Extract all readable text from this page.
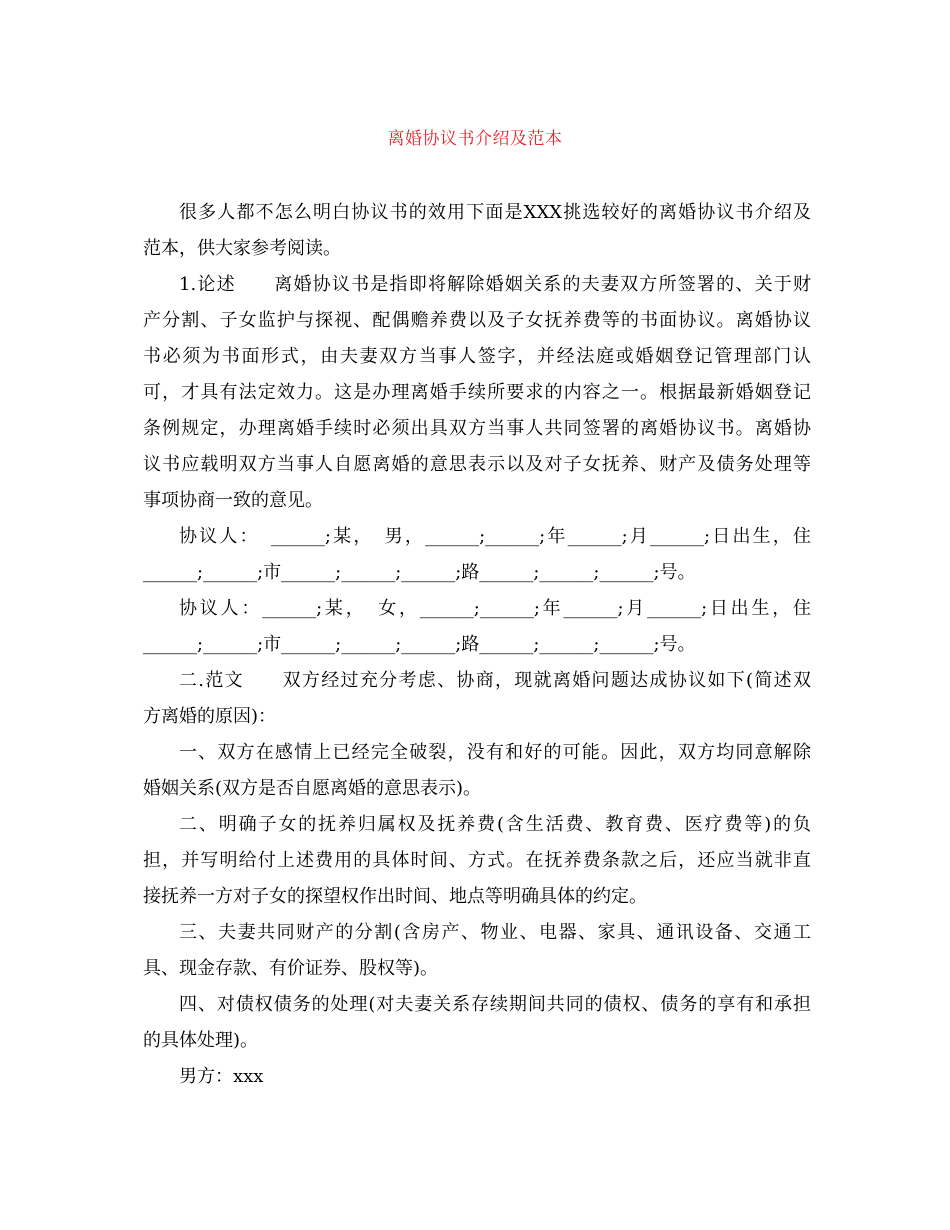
离婚协议书介绍及范本
很多人都不怎么明白协议书的效用下面是XXX挑选较好的离婚协议书介绍及
范本，供大家参考阅读。
1.论述　　离婚协议书是指即将解除婚姻关系的夫妻双方所签署的、关于财
产分割、子女监护与探视、配偶赡养费以及子女抚养费等的书面协议。离婚协议
书必须为书面形式，由夫妻双方当事人签字，并经法庭或婚姻登记管理部门认
可，才具有法定效力。这是办理离婚手续所要求的内容之一。根据最新婚姻登记
条例规定，办理离婚手续时必须出具双方当事人共同签署的离婚协议书。离婚协
议书应载明双方当事人自愿离婚的意思表示以及对子女抚养、财产及债务处理等
事项协商一致的意见。
协议人：　______;某，　男，______;______;年______;月______;日出生，住
______;______;市______;______;______;路______;______;______;号。
协议人：______;某，　女，______;______;年______;月______;日出生，住
______;______;市______;______;______;路______;______;______;号。
二.范文　　双方经过充分考虑、协商，现就离婚问题达成协议如下(简述双
方离婚的原因)：
一、双方在感情上已经完全破裂，没有和好的可能。因此，双方均同意解除
婚姻关系(双方是否自愿离婚的意思表示)。
二、明确子女的抚养归属权及抚养费(含生活费、教育费、医疗费等)的负
担，并写明给付上述费用的具体时间、方式。在抚养费条款之后，还应当就非直
接抚养一方对子女的探望权作出时间、地点等明确具体的约定。
三、夫妻共同财产的分割(含房产、物业、电器、家具、通讯设备、交通工
具、现金存款、有价证券、股权等)。
四、对债权债务的处理(对夫妻关系存续期间共同的债权、债务的享有和承担
的具体处理)。
男方：xxx
